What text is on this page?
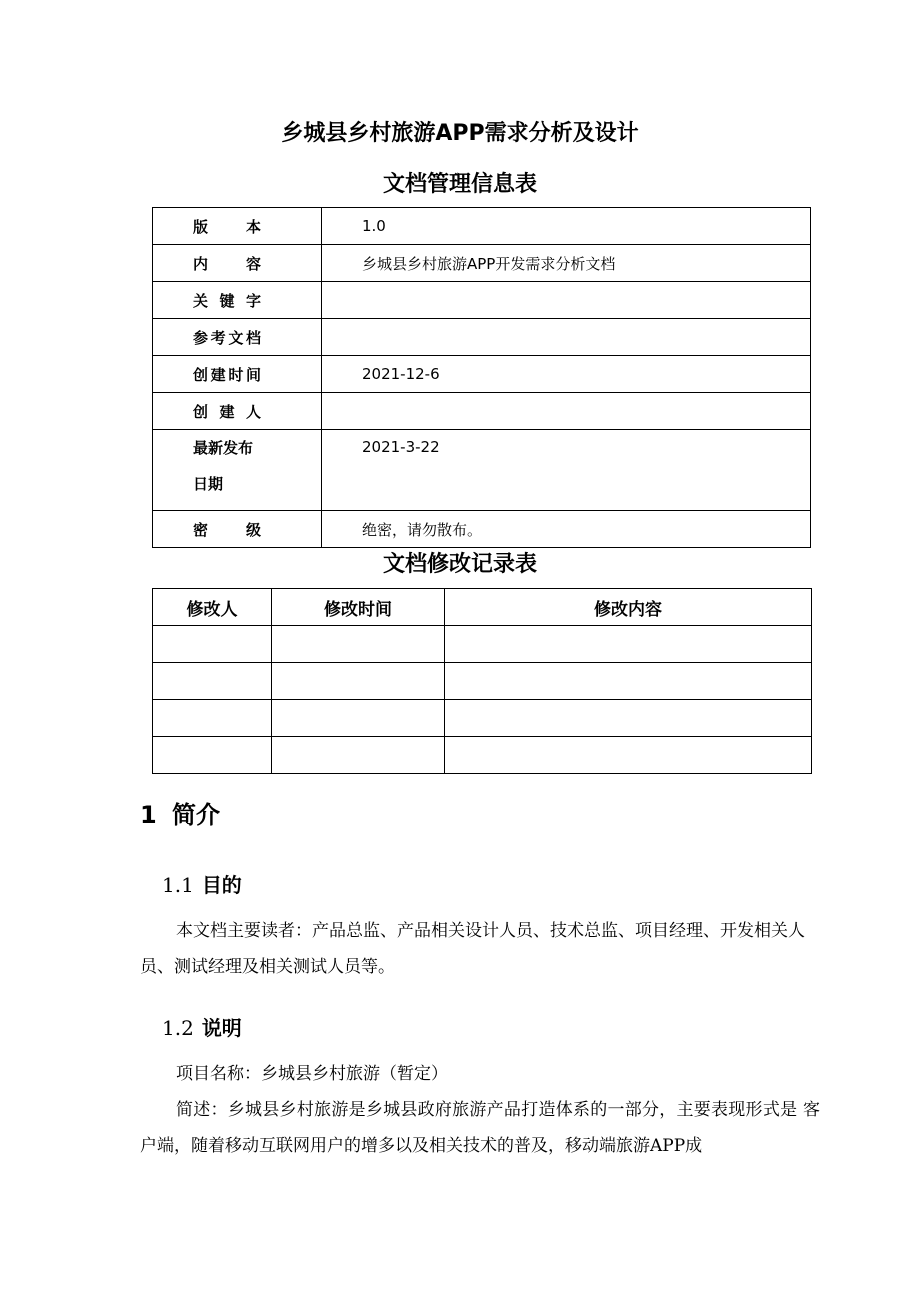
乡城县乡村旅游APP需求分析及设计
文档管理信息表
版 本	1.0

内 容	乡城县乡村旅游APP开发需求分析文档

关 键 字	

参 考 文 档	

创 建 时 间	2021-12-6

创 建 人	

最新发布
日期	2021-3-22

密 级	绝密，请勿散布。
文档修改记录表
修改人	修改时间	修改内容

1 简介
1.1 目的
本文档主要读者：产品总监、产品相关设计人员、技术总监、项目经理、开发相关人员、测试经理及相关测试人员等。
1.2 说明
项目名称：乡城县乡村旅游（暂定）
简述：乡城县乡村旅游是乡城县政府旅游产品打造体系的一部分，主要表现形式是 客户端，随着移动互联网用户的增多以及相关技术的普及，移动端旅游APP成
